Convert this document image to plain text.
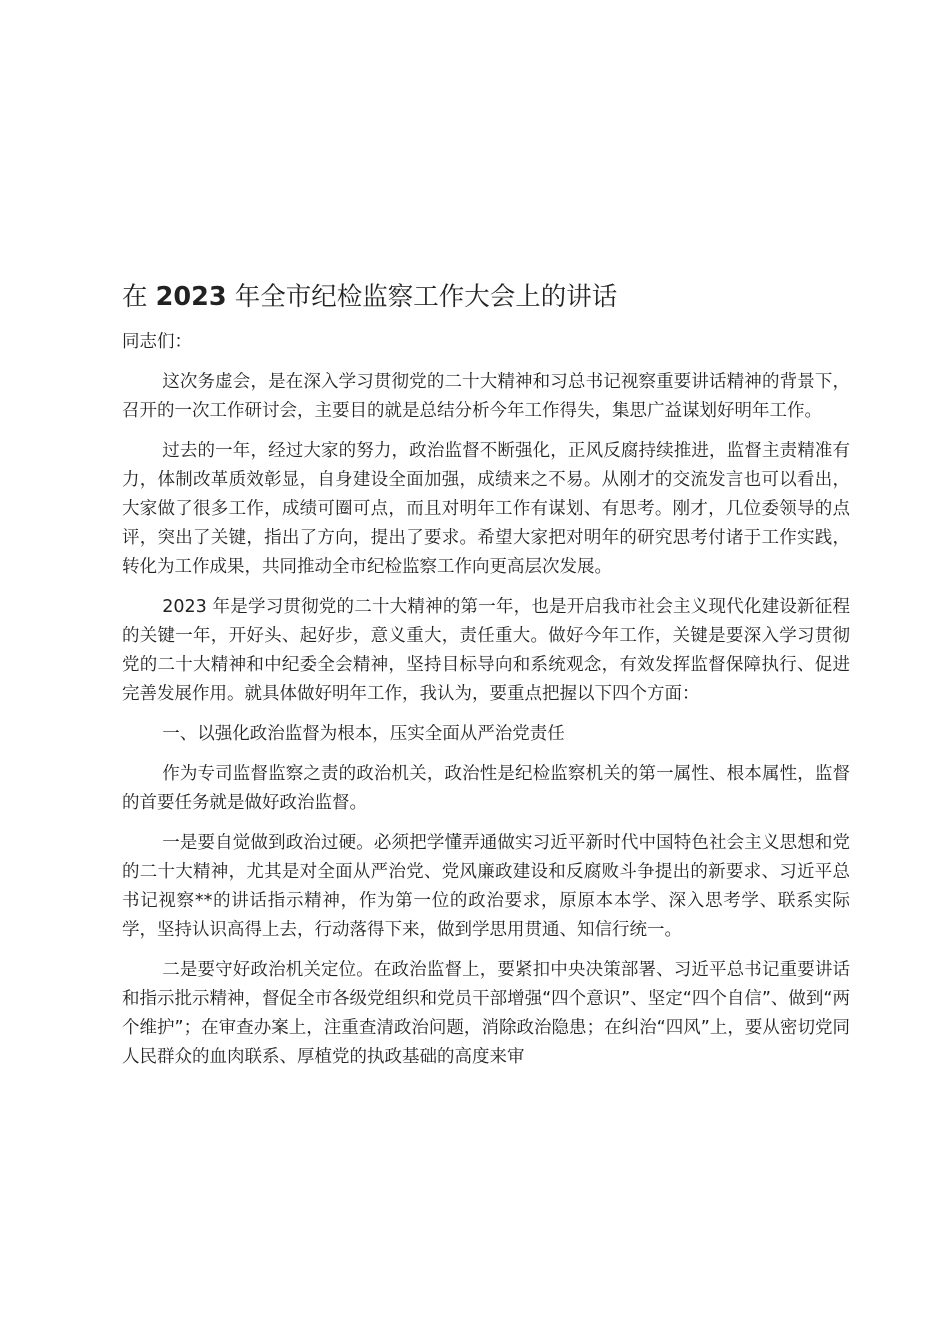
在 2023 年全市纪检监察工作大会上的讲话

同志们：

这次务虚会，是在深入学习贯彻党的二十大精神和习总书记视察重要讲话精神的背景下，召开的一次工作研讨会，主要目的就是总结分析今年工作得失，集思广益谋划好明年工作。

过去的一年，经过大家的努力，政治监督不断强化，正风反腐持续推进，监督主责精准有力，体制改革质效彰显，自身建设全面加强，成绩来之不易。从刚才的交流发言也可以看出，大家做了很多工作，成绩可圈可点，而且对明年工作有谋划、有思考。刚才，几位委领导的点评，突出了关键，指出了方向，提出了要求。希望大家把对明年的研究思考付诸于工作实践，转化为工作成果，共同推动全市纪检监察工作向更高层次发展。

2023 年是学习贯彻党的二十大精神的第一年，也是开启我市社会主义现代化建设新征程的关键一年，开好头、起好步，意义重大，责任重大。做好今年工作，关键是要深入学习贯彻党的二十大精神和中纪委全会精神，坚持目标导向和系统观念，有效发挥监督保障执行、促进完善发展作用。就具体做好明年工作，我认为，要重点把握以下四个方面：

一、以强化政治监督为根本，压实全面从严治党责任

作为专司监督监察之责的政治机关，政治性是纪检监察机关的第一属性、根本属性，监督的首要任务就是做好政治监督。

一是要自觉做到政治过硬。必须把学懂弄通做实习近平新时代中国特色社会主义思想和党的二十大精神，尤其是对全面从严治党、党风廉政建设和反腐败斗争提出的新要求、习近平总书记视察**的讲话指示精神，作为第一位的政治要求，原原本本学、深入思考学、联系实际学，坚持认识高得上去，行动落得下来，做到学思用贯通、知信行统一。

二是要守好政治机关定位。在政治监督上，要紧扣中央决策部署、习近平总书记重要讲话和指示批示精神，督促全市各级党组织和党员干部增强“四个意识”、坚定“四个自信”、做到“两个维护”；在审查办案上，注重查清政治问题，消除政治隐患；在纠治“四风”上，要从密切党同人民群众的血肉联系、厚植党的执政基础的高度来审
